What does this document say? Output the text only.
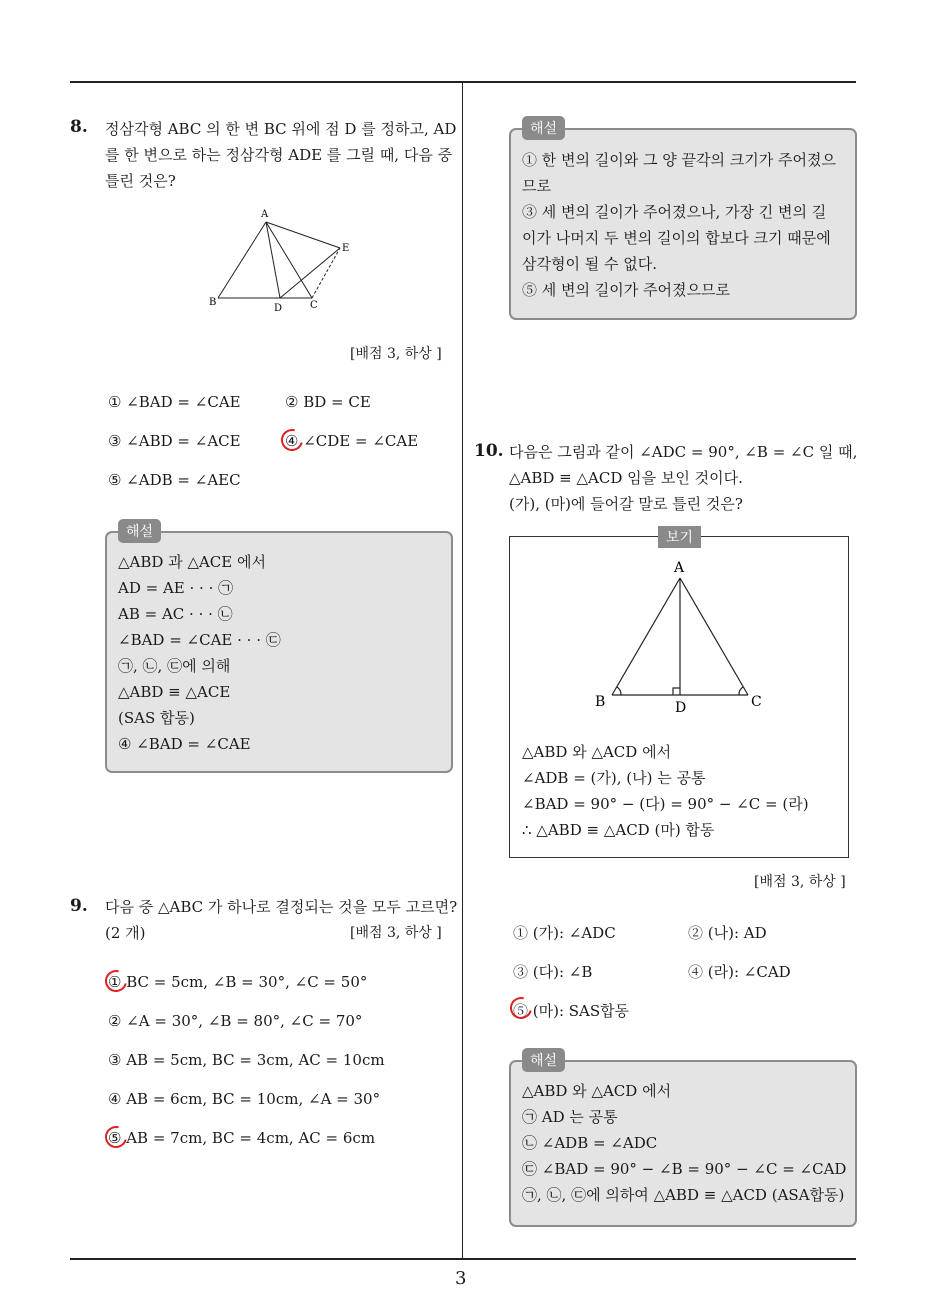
3
8. 정삼각형 ABC 의 한 변 BC 위에 점 D 를 정하고, AD
를 한 변으로 하는 정삼각형 ADE 를 그릴 때, 다음 중
틀린 것은?
A
B
D	C
E
[배점 3, 하상 ]
① ∠BAD = ∠CAE	② BD = CE
③ ∠ABD = ∠ACE	④ ∠CDE = ∠CAE
⑤ ∠ADB = ∠AEC
해설
△ABD 과 △ACE 에서
AD = AE · · · ㉠
AB = AC · · · ㉡
∠BAD = ∠CAE · · · ㉢
㉠, ㉡, ㉢에 의해
△ABD ≡ △ACE
(SAS 합동)
④ ∠BAD = ∠CAE
9. 다음 중 △ABC 가 하나로 결정되는 것을 모두 고르면?
(2 개)	[배점 3, 하상 ]
① BC = 5cm, ∠B = 30°, ∠C = 50°
② ∠A = 30°, ∠B = 80°, ∠C = 70°
③ AB = 5cm, BC = 3cm, AC = 10cm
④ AB = 6cm, BC = 10cm, ∠A = 30°
⑤ AB = 7cm, BC = 4cm, AC = 6cm
해설
① 한 변의 길이와 그 양 끝각의 크기가 주어졌으
므로
③ 세 변의 길이가 주어졌으나, 가장 긴 변의 길
이가 나머지 두 변의 길이의 합보다 크기 때문에
삼각형이 될 수 없다.
⑤ 세 변의 길이가 주어졌으므로
10. 다음은 그림과 같이 ∠ADC = 90°, ∠B = ∠C 일 때,
△ABD ≡ △ACD 임을 보인 것이다.
(가), (마)에 들어갈 말로 틀린 것은?
보기
A
B	D	C
△ABD 와 △ACD 에서
∠ADB = (가), (나) 는 공통
∠BAD = 90° − (다) = 90° − ∠C = (라)
∴ △ABD ≡ △ACD (마) 합동
[배점 3, 하상 ]
① (가): ∠ADC	② (나): AD
③ (다): ∠B	④ (라): ∠CAD
⑤ (마): SAS합동
해설
△ABD 와 △ACD 에서
㉠ AD 는 공통
㉡ ∠ADB = ∠ADC
㉢ ∠BAD = 90° − ∠B = 90° − ∠C = ∠CAD
㉠, ㉡, ㉢에 의하여 △ABD ≡ △ACD (ASA합동)
